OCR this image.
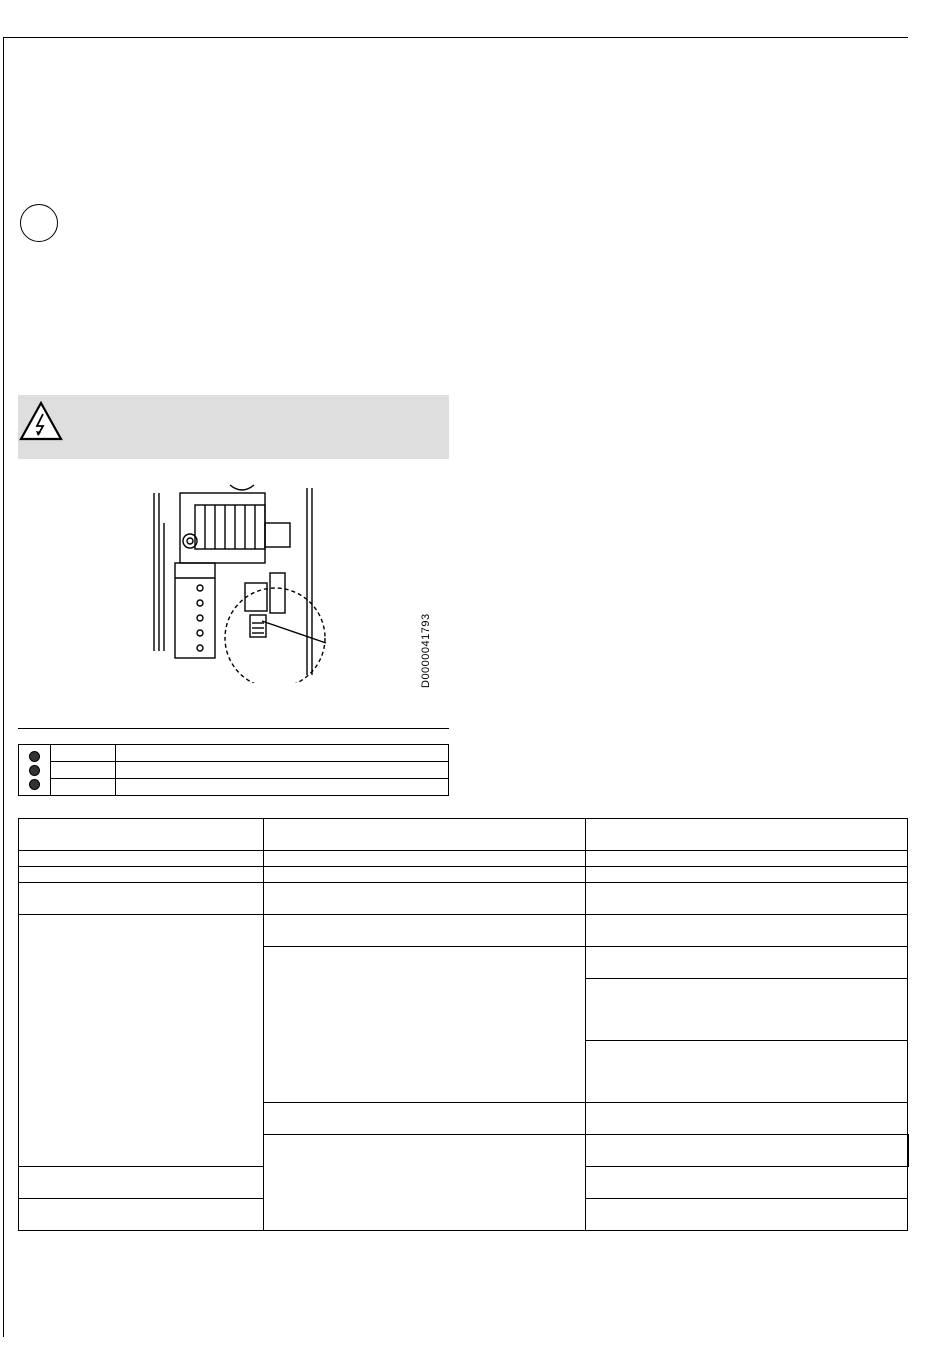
D0000041793
